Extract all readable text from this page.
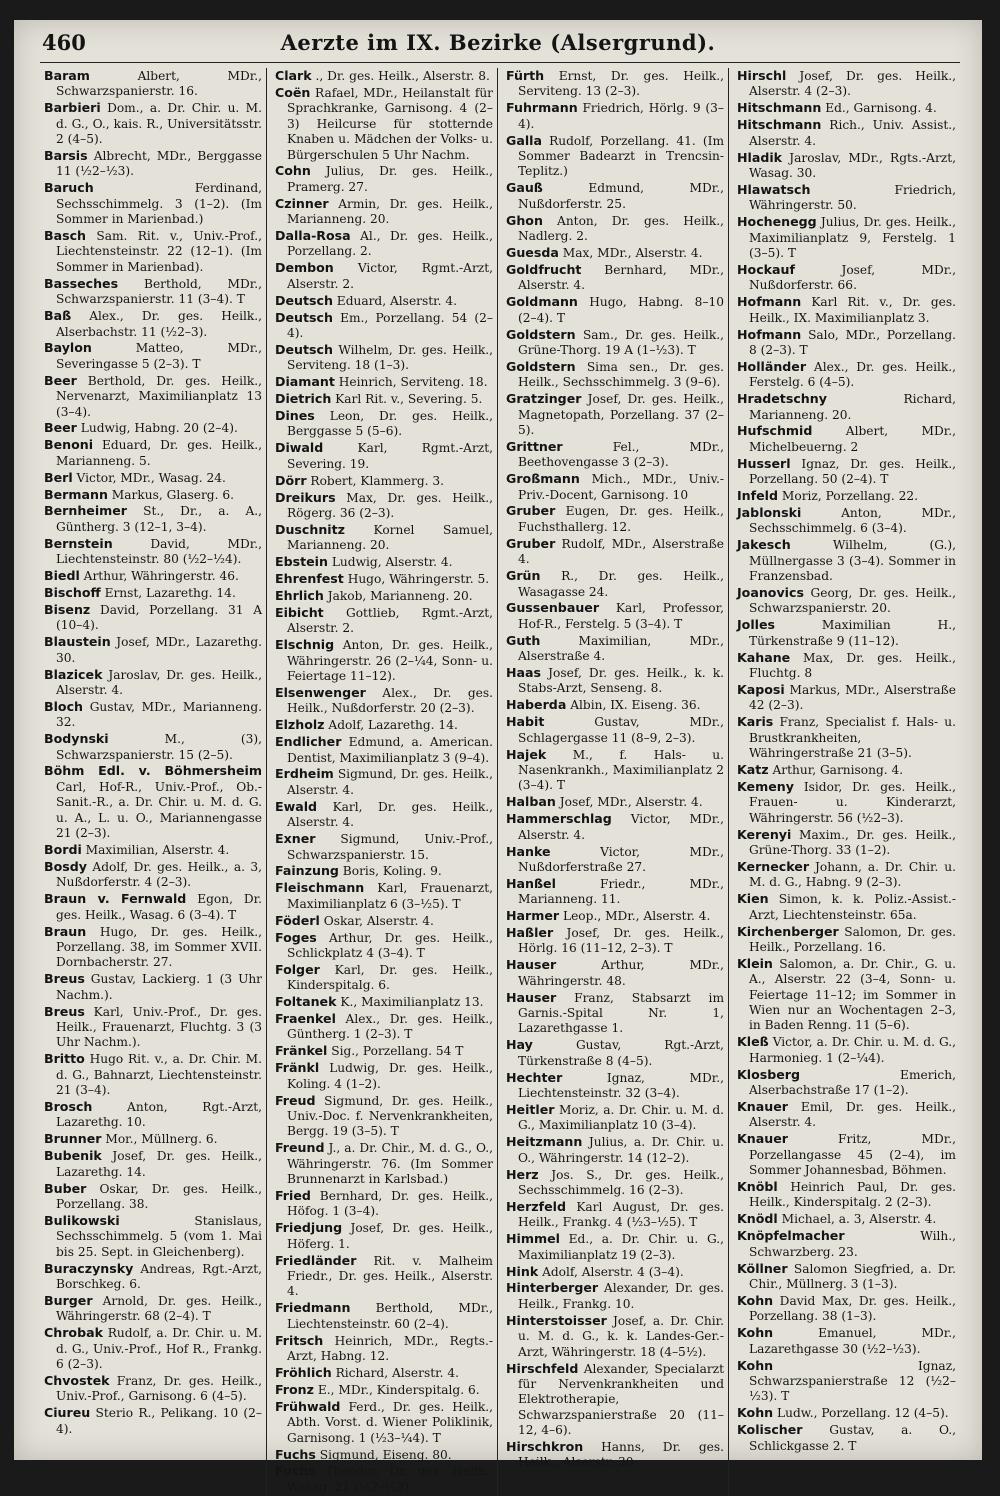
460	Aerzte im IX. Bezirke (Alsergrund).

Baram	Albert, MDr., Schwarzspanierstr. 16.

Barbieri Dom., a. Dr. Chir. u. M. d. G., O., kais. R., Universitätsstr. 2 (4–5).

Barsis Albrecht, MDr., Berggasse 11 (½2–½3).

Baruch	Ferdinand, Sechsschimmelg. 3 (1–2). (Im Sommer in Marienbad.)

Basch Sam. Rit. v., Univ.-Prof., Liechtensteinstr. 22 (12–1). (Im Sommer in Marienbad).

Basseches Berthold, MDr., Schwarzspanierstr. 11 (3–4). T

Baß Alex., Dr. ges. Heilk., Alserbachstr. 11 (½2–3).

Baylon	Matteo, MDr., Severingasse 5 (2–3). T

Beer Berthold, Dr. ges. Heilk., Nervenarzt, Maximilianplatz 13 (3–4).

Beer Ludwig, Habng. 20 (2–4).

Benoni Eduard, Dr. ges. Heilk., Marianneng. 5.

Berl Victor, MDr., Wasag. 24.

Bermann Markus, Glaserg. 6.

Bernheimer St., Dr., a. A., Güntherg. 3 (12–1, 3–4).

Bernstein	David, MDr., Liechtensteinstr. 80 (½2–½4).

Biedl Arthur, Währingerstr. 46.

Bischoff Ernst, Lazarethg. 14.

Bisenz David, Porzellang. 31 A (10–4).

Blaustein Josef, MDr., Lazarethg. 30.

Blazicek Jaroslav, Dr. ges. Heilk., Alserstr. 4.

Bloch Gustav, MDr., Marianneng. 32.

Bodynski	M., (3), Schwarzspanierstr. 15 (2–5).

Böhm Edl. v. Böhmersheim Carl, Hof-R., Univ.-Prof., Ob.-Sanit.-R., a. Dr. Chir. u. M. d. G. u. A., L. u. O., Mariannengasse 21 (2–3).

Bordi Maximilian, Alserstr. 4.

Bosdy Adolf, Dr. ges. Heilk., a. 3, Nußdorferstr. 4 (2–3).

Braun v. Fernwald Egon, Dr. ges. Heilk., Wasag. 6 (3–4). T

Braun Hugo, Dr. ges. Heilk., Porzellang. 38, im Sommer XVII. Dornbacherstr. 27.

Breus Gustav, Lackierg. 1 (3 Uhr Nachm.).

Breus Karl, Univ.-Prof., Dr. ges. Heilk., Frauenarzt, Fluchtg. 3 (3 Uhr Nachm.).

Britto Hugo Rit. v., a. Dr. Chir. M. d. G., Bahnarzt, Liechtensteinstr. 21 (3–4).

Brosch	Anton, Rgt.-Arzt, Lazarethg. 10.

Brunner Mor., Müllnerg. 6.

Bubenik Josef, Dr. ges. Heilk., Lazarethg. 14.

Buber Oskar, Dr. ges. Heilk., Porzellang. 38.

Bulikowski	Stanislaus, Sechsschimmelg. 5 (vom 1. Mai bis 25. Sept. in Gleichenberg).

Buraczynsky Andreas, Rgt.-Arzt, Borschkeg. 6.

Burger Arnold, Dr. ges. Heilk., Währingerstr. 68 (2–4). T

Chrobak Rudolf, a. Dr. Chir. u. M. d. G., Univ.-Prof., Hof R., Frankg. 6 (2–3).

Chvostek Franz, Dr. ges. Heilk., Univ.-Prof., Garnisong. 6 (4–5).

Ciureu Sterio R., Pelikang. 10 (2–4).

Clark ., Dr. ges. Heilk., Alserstr. 8.

Coën Rafael, MDr., Heilanstalt für Sprachkranke, Garnisong. 4 (2–3) Heilcurse für stotternde Knaben u. Mädchen der Volks- u. Bürgerschulen 5 Uhr Nachm.

Cohn Julius, Dr. ges. Heilk., Pramerg. 27.

Czinner Armin, Dr. ges. Heilk., Marianneng. 20.

Dalla-Rosa Al., Dr. ges. Heilk., Porzellang. 2.

Dembon Victor, Rgmt.-Arzt, Alserstr. 2.

Deutsch Eduard, Alserstr. 4.

Deutsch Em., Porzellang. 54 (2–4).

Deutsch Wilhelm, Dr. ges. Heilk., Serviteng. 18 (1–3).

Diamant Heinrich, Serviteng. 18.

Dietrich Karl Rit. v., Severing. 5.

Dines Leon, Dr. ges. Heilk., Berggasse 5 (5–6).

Diwald	Karl, Rgmt.-Arzt, Severing. 19.

Dörr Robert, Klammerg. 3.

Dreikurs Max, Dr. ges. Heilk., Rögerg. 36 (2–3).

Duschnitz Kornel Samuel, Marianneng. 20.

Ebstein Ludwig, Alserstr. 4.

Ehrenfest Hugo, Währingerstr. 5.

Ehrlich Jakob, Marianneng. 20.

Eibicht Gottlieb, Rgmt.-Arzt, Alserstr. 2.

Elschnig Anton, Dr. ges. Heilk., Währingerstr. 26 (2–¼4, Sonn- u. Feiertage 11–12).

Elsenwenger Alex., Dr. ges. Heilk., Nußdorferstr. 20 (2–3).

Elzholz Adolf, Lazarethg. 14.

Endlicher Edmund, a. American. Dentist, Maximilianplatz 3 (9–4).

Erdheim Sigmund, Dr. ges. Heilk., Alserstr. 4.

Ewald Karl, Dr. ges. Heilk., Alserstr. 4.

Exner Sigmund, Univ.-Prof., Schwarzspanierstr. 15.

Fainzung Boris, Koling. 9.

Fleischmann Karl, Frauenarzt, Maximilianplatz 6 (3–½5). T

Föderl Oskar, Alserstr. 4.

Foges Arthur, Dr. ges. Heilk., Schlickplatz 4 (3–4). T

Folger Karl, Dr. ges. Heilk., Kinderspitalg. 6.

Foltanek K., Maximilianplatz 13.

Fraenkel Alex., Dr. ges. Heilk., Güntherg. 1 (2–3). T

Fränkel Sig., Porzellang. 54 T

Fränkl Ludwig, Dr. ges. Heilk., Koling. 4 (1–2).

Freud Sigmund, Dr. ges. Heilk., Univ.-Doc. f. Nervenkrankheiten, Bergg. 19 (3–5). T

Freund J., a. Dr. Chir., M. d. G., O., Währingerstr. 76. (Im Sommer Brunnenarzt in Karlsbad.)

Fried Bernhard, Dr. ges. Heilk., Höfog. 1 (3–4).

Friedjung Josef, Dr. ges. Heilk., Höferg. 1.

Friedländer Rit. v. Malheim Friedr., Dr. ges. Heilk., Alserstr. 4.

Friedmann Berthold, MDr., Liechtensteinstr. 60 (2–4).

Fritsch Heinrich, MDr., Regts.-Arzt, Habng. 12.

Fröhlich Richard, Alserstr. 4.

Fronz E., MDr., Kinderspitalg. 6.

Frühwald Ferd., Dr. ges. Heilk., Abth. Vorst. d. Wiener Poliklinik, Garnisong. 1 (½3–¼4). T

Fuchs Sigmund, Eiseng. 80.

Fuchs Theodor, Dr. ges. Heilk., Wasag. 21 (½2–½3).

Fürth Ernst, Dr. ges. Heilk., Serviteng. 13 (2–3).

Fuhrmann Friedrich, Hörlg. 9 (3–4).

Galla Rudolf, Porzellang. 41. (Im Sommer Badearzt in Trencsin-Teplitz.)

Gauß	Edmund, MDr., Nußdorferstr. 25.

Ghon Anton, Dr. ges. Heilk., Nadlerg. 2.

Guesda Max, MDr., Alserstr. 4.

Goldfrucht Bernhard, MDr., Alserstr. 4.

Goldmann Hugo, Habng. 8–10 (2–4). T

Goldstern Sam., Dr. ges. Heilk., Grüne-Thorg. 19 A (1–½3). T

Goldstern Sima sen., Dr. ges. Heilk., Sechsschimmelg. 3 (9–6).

Gratzinger Josef, Dr. ges. Heilk., Magnetopath, Porzellang. 37 (2–5).

Grittner	Fel., MDr., Beethovengasse 3 (2–3).

Großmann Mich., MDr., Univ.-Priv.-Docent, Garnisong. 10

Gruber Eugen, Dr. ges. Heilk., Fuchsthallerg. 12.

Gruber Rudolf, MDr., Alserstraße 4.

Grün R., Dr. ges. Heilk., Wasagasse 24.

Gussenbauer Karl, Professor, Hof-R., Ferstelg. 5 (3–4). T

Guth	Maximilian, MDr., Alserstraße 4.

Haas Josef, Dr. ges. Heilk., k. k. Stabs-Arzt, Senseng. 8.

Haberda Albin, IX. Eiseng. 36.

Habit	Gustav, MDr., Schlagergasse 11 (8–9, 2–3).

Hajek M., f. Hals- u. Nasenkrankh., Maximilianplatz 2 (3–4). T

Halban Josef, MDr., Alserstr. 4.

Hammerschlag Victor, MDr., Alserstr. 4.

Hanke	Victor, MDr., Nußdorferstraße 27.

Hanßel	Friedr., MDr., Marianneng. 11.

Harmer Leop., MDr., Alserstr. 4.

Haßler Josef, Dr. ges. Heilk., Hörlg. 16 (11–12, 2–3). T

Hauser	Arthur, MDr., Währingerstr. 48.

Hauser Franz, Stabsarzt im Garnis.-Spital Nr. 1, Lazarethgasse 1.

Hay	Gustav, Rgt.-Arzt, Türkenstraße 8 (4–5).

Hechter	Ignaz, MDr., Liechtensteinstr. 32 (3–4).

Heitler Moriz, a. Dr. Chir. u. M. d. G., Maximilianplatz 10 (3–4).

Heitzmann Julius, a. Dr. Chir. u. O., Währingerstr. 14 (12–2).

Herz Jos. S., Dr. ges. Heilk., Sechsschimmelg. 16 (2–3).

Herzfeld Karl August, Dr. ges. Heilk., Frankg. 4 (½3–½5). T

Himmel Ed., a. Dr. Chir. u. G., Maximilianplatz 19 (2–3).

Hink Adolf, Alserstr. 4 (3–4).

Hinterberger Alexander, Dr. ges. Heilk., Frankg. 10.

Hinterstoisser Josef, a. Dr. Chir. u. M. d. G., k. k. Landes-Ger.-Arzt, Währingerstr. 18 (4–5½).

Hirschfeld Alexander, Specialarzt für Nervenkrankheiten und Elektrotherapie, Schwarzspanierstraße 20 (11–12, 4–6).

Hirschkron Hanns, Dr. ges. Heilk., Alserstr. 30.

Hirschl Josef, Dr. ges. Heilk., Alserstr. 4 (2–3).

Hitschmann Ed., Garnisong. 4.

Hitschmann Rich., Univ. Assist., Alserstr. 4.

Hladik Jaroslav, MDr., Rgts.-Arzt, Wasag. 30.

Hlawatsch	Friedrich, Währingerstr. 50.

Hochenegg Julius, Dr. ges. Heilk., Maximilianplatz 9, Ferstelg. 1 (3–5). T

Hockauf	Josef, MDr., Nußdorferstr. 66.

Hofmann Karl Rit. v., Dr. ges. Heilk., IX. Maximilianplatz 3.

Hofmann Salo, MDr., Porzellang. 8 (2–3). T

Holländer Alex., Dr. ges. Heilk., Ferstelg. 6 (4–5).

Hradetschny	Richard, Marianneng. 20.

Hufschmid	Albert, MDr., Michelbeuerng. 2

Husserl Ignaz, Dr. ges. Heilk., Porzellang. 50 (2–4). T

Infeld Moriz, Porzellang. 22.

Jablonski	Anton, MDr., Sechsschimmelg. 6 (3–4).

Jakesch	Wilhelm, (G.), Müllnergasse 3 (3–4). Sommer in Franzensbad.

Joanovics Georg, Dr. ges. Heilk., Schwarzspanierstr. 20.

Jolles	Maximilian H., Türkenstraße 9 (11–12).

Kahane Max, Dr. ges. Heilk., Fluchtg. 8

Kaposi Markus, MDr., Alserstraße 42 (2–3).

Karis Franz, Specialist f. Hals- u. Brustkrankheiten, Währingerstraße 21 (3–5).

Katz Arthur, Garnisong. 4.

Kemeny Isidor, Dr. ges. Heilk., Frauen- u. Kinderarzt, Währingerstr. 56 (½2–3).

Kerenyi Maxim., Dr. ges. Heilk., Grüne-Thorg. 33 (1–2).

Kernecker Johann, a. Dr. Chir. u. M. d. G., Habng. 9 (2–3).

Kien Simon, k. k. Poliz.-Assist.-Arzt, Liechtensteinstr. 65a.

Kirchenberger Salomon, Dr. ges. Heilk., Porzellang. 16.

Klein Salomon, a. Dr. Chir., G. u. A., Alserstr. 22 (3–4, Sonn- u. Feiertage 11–12; im Sommer in Wien nur an Wochentagen 2–3, in Baden Renng. 11 (5–6).

Kleß Victor, a. Dr. Chir. u. M. d. G., Harmonieg. 1 (2–¼4).

Klosberg	Emerich, Alserbachstraße 17 (1–2).

Knauer Emil, Dr. ges. Heilk., Alserstr. 4.

Knauer	Fritz, MDr., Porzellangasse 45 (2–4), im Sommer Johannesbad, Böhmen.

Knöbl Heinrich Paul, Dr. ges. Heilk., Kinderspitalg. 2 (2–3).

Knödl Michael, a. 3, Alserstr. 4.

Knöpfelmacher	Wilh., Schwarzberg. 23.

Köllner Salomon Siegfried, a. Dr. Chir., Müllnerg. 3 (1–3).

Kohn David Max, Dr. ges. Heilk., Porzellang. 38 (1–3).

Kohn	Emanuel, MDr., Lazarethgasse 30 (½2–½3).

Kohn	Ignaz, Schwarzspanierstraße 12 (½2–½3). T

Kohn Ludw., Porzellang. 12 (4–5).

Kolischer Gustav, a. O., Schlickgasse 2. T
